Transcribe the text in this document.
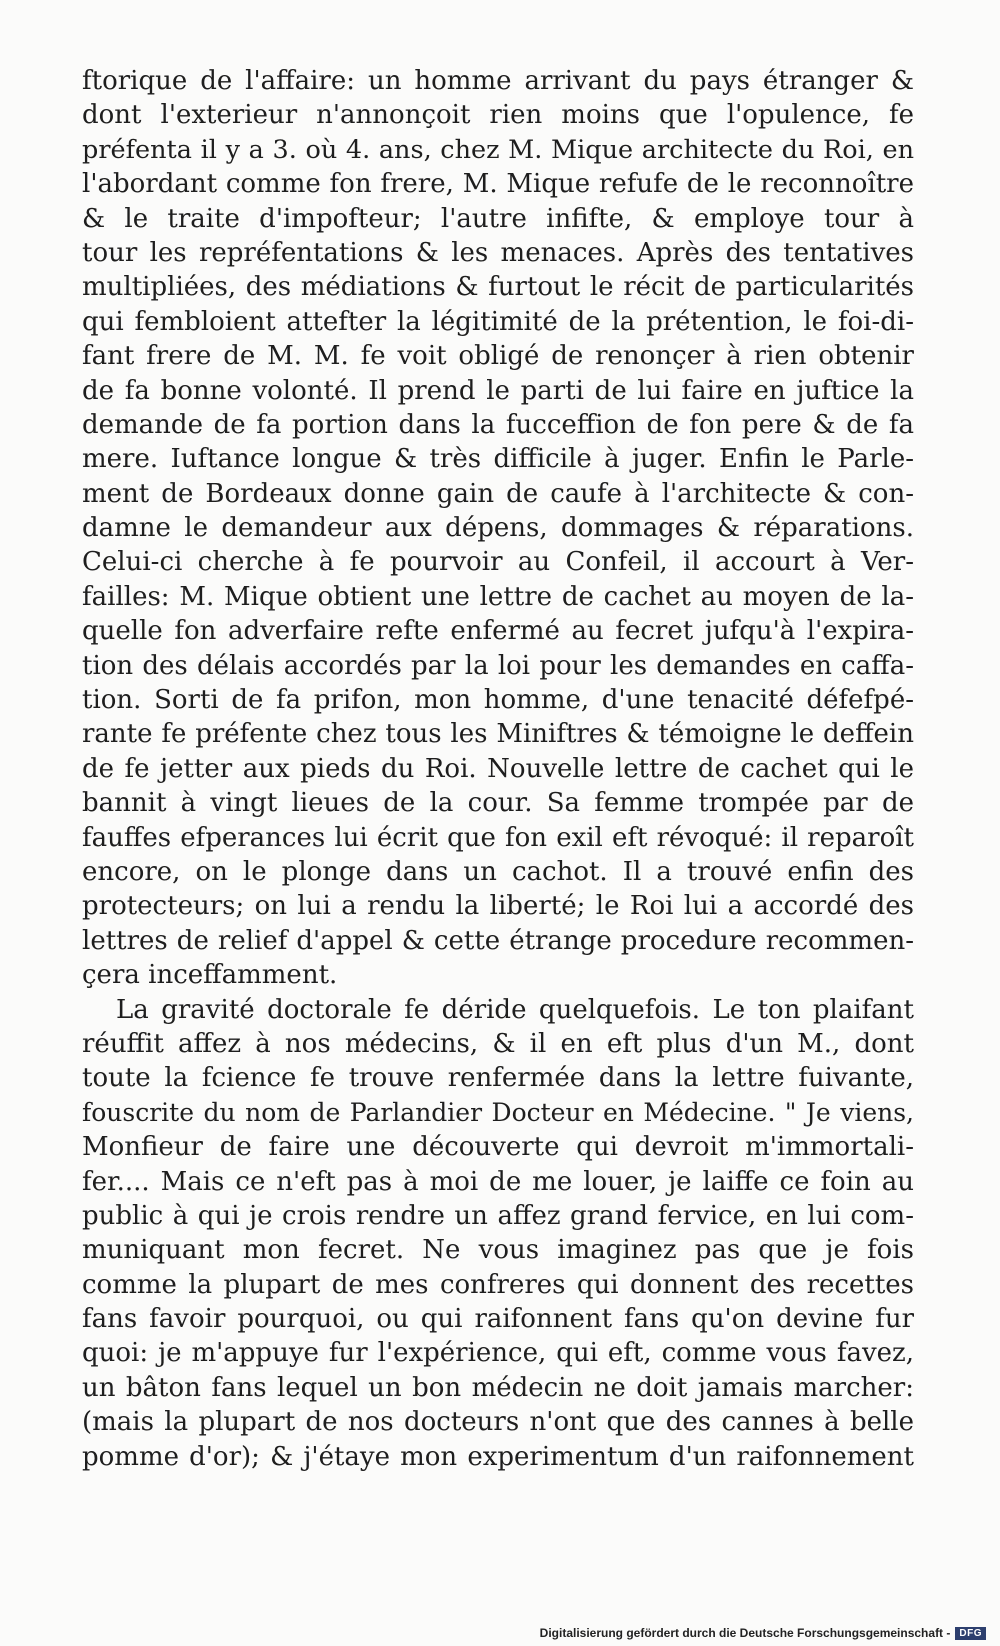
ftorique de l'affaire: un homme arrivant du pays étranger &
dont l'exterieur n'annonçoit rien moins que l'opulence, fe
préfenta il y a 3. où 4. ans, chez M. Mique architecte du Roi, en
l'abordant comme fon frere, M. Mique refufe de le reconnoître
& le traite d'impofteur; l'autre infifte, & employe tour à
tour les repréfentations & les menaces. Après des tentatives
multipliées, des médiations & furtout le récit de particularités
qui fembloient attefter la légitimité de la prétention, le foi-di-
fant frere de M. M. fe voit obligé de renonçer à rien obtenir
de fa bonne volonté. Il prend le parti de lui faire en juftice la
demande de fa portion dans la fucceffion de fon pere & de fa
mere. Iuftance longue & très difficile à juger. Enfin le Parle-
ment de Bordeaux donne gain de caufe à l'architecte & con-
damne le demandeur aux dépens, dommages & réparations.
Celui-ci cherche à fe pourvoir au Confeil, il accourt à Ver-
failles: M. Mique obtient une lettre de cachet au moyen de la-
quelle fon adverfaire refte enfermé au fecret jufqu'à l'expira-
tion des délais accordés par la loi pour les demandes en caffa-
tion. Sorti de fa prifon, mon homme, d'une tenacité défefpé-
rante fe préfente chez tous les Miniftres & témoigne le deffein
de fe jetter aux pieds du Roi. Nouvelle lettre de cachet qui le
bannit à vingt lieues de la cour. Sa femme trompée par de
fauffes efperances lui écrit que fon exil eft révoqué: il reparoît
encore, on le plonge dans un cachot. Il a trouvé enfin des
protecteurs; on lui a rendu la liberté; le Roi lui a accordé des
lettres de relief d'appel & cette étrange procedure recommen-
çera inceffamment.
La gravité doctorale fe déride quelquefois. Le ton plaifant
réuffit affez à nos médecins, & il en eft plus d'un M., dont
toute la fcience fe trouve renfermée dans la lettre fuivante,
fouscrite du nom de Parlandier Docteur en Médecine. " Je viens,
Monfieur de faire une découverte qui devroit m'immortali-
fer.... Mais ce n'eft pas à moi de me louer, je laiffe ce foin au
public à qui je crois rendre un affez grand fervice, en lui com-
muniquant mon fecret. Ne vous imaginez pas que je fois
comme la plupart de mes confreres qui donnent des recettes
fans favoir pourquoi, ou qui raifonnent fans qu'on devine fur
quoi: je m'appuye fur l'expérience, qui eft, comme vous favez,
un bâton fans lequel un bon médecin ne doit jamais marcher:
(mais la plupart de nos docteurs n'ont que des cannes à belle
pomme d'or); & j'étaye mon experimentum d'un raifonnement
Digitalisierung gefördert durch die Deutsche Forschungsgemeinschaft - DFG
